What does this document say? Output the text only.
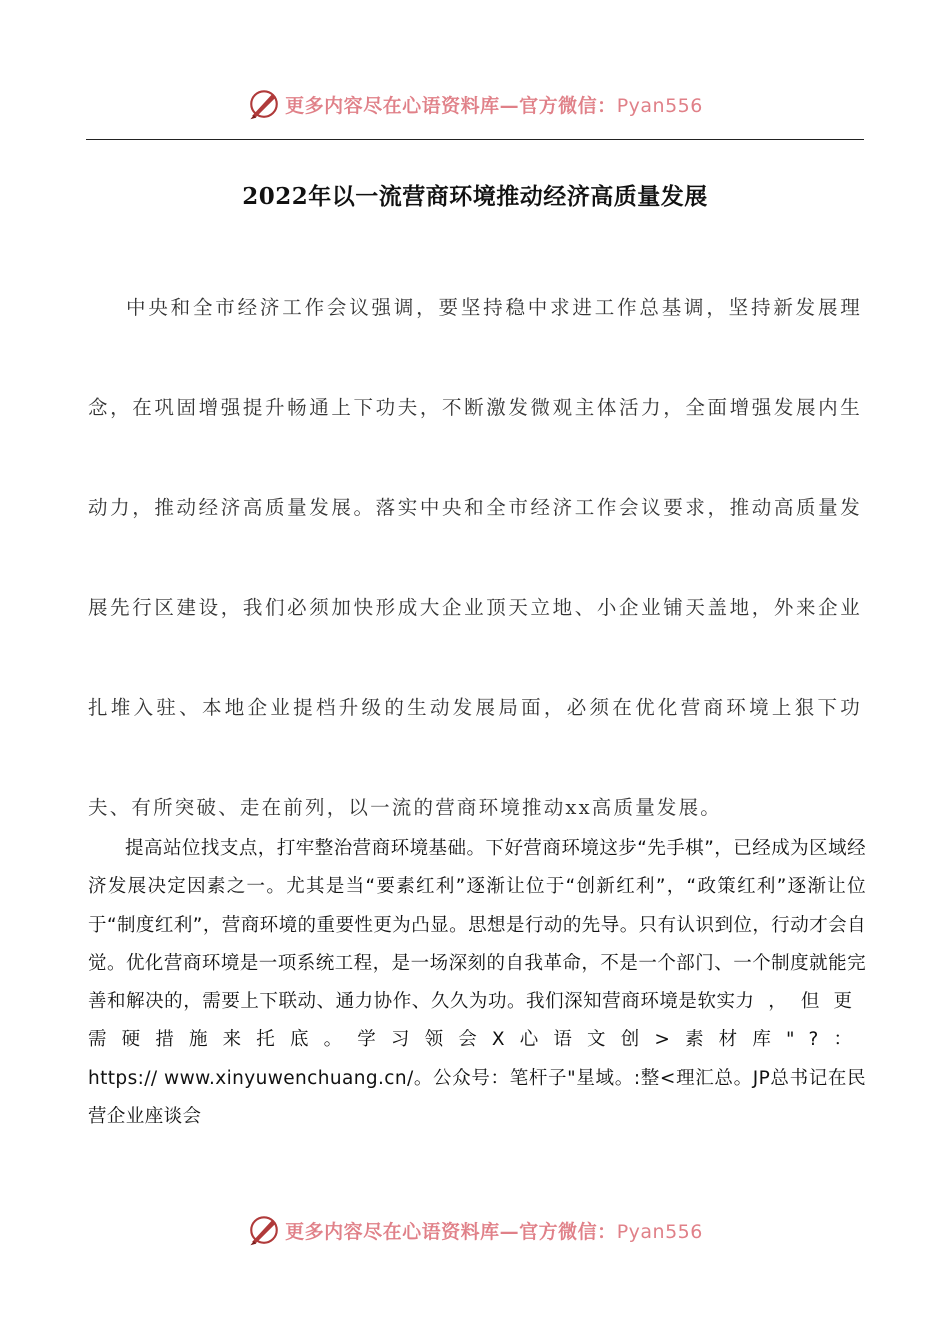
更多内容尽在心语资料库—官方微信：Pyan556
2022年以一流营商环境推动经济高质量发展
中央和全市经济工作会议强调，要坚持稳中求进工作总基调，坚持新发展理念，在巩固增强提升畅通上下功夫，不断激发微观主体活力，全面增强发展内生动力，推动经济高质量发展。落实中央和全市经济工作会议要求，推动高质量发展先行区建设，我们必须加快形成大企业顶天立地、小企业铺天盖地，外来企业扎堆入驻、本地企业提档升级的生动发展局面，必须在优化营商环境上狠下功夫、有所突破、走在前列，以一流的营商环境推动xx高质量发展。
提高站位找支点，打牢整治营商环境基础。下好营商环境这步“先手棋”，已经成为区域经济发展决定因素之一。尤其是当“要素红利”逐渐让位于“创新红利”，“政策红利”逐渐让位于“制度红利”，营商环境的重要性更为凸显。思想是行动的先导。只有认识到位，行动才会自觉。优化营商环境是一项系统工程，是一场深刻的自我革命，不是一个部门、一个制度就能完善和解决的，需要上下联动、通力协作、久久为功。我们深知营商环境是软实力，但更需硬措施来托底。学习领会X心语文创>素材库"?：https:// www.xinyuwenchuang.cn/。公众号：笔杆子"星域。:整<理汇总。JP总书记在民营企业座谈会
更多内容尽在心语资料库—官方微信：Pyan556
